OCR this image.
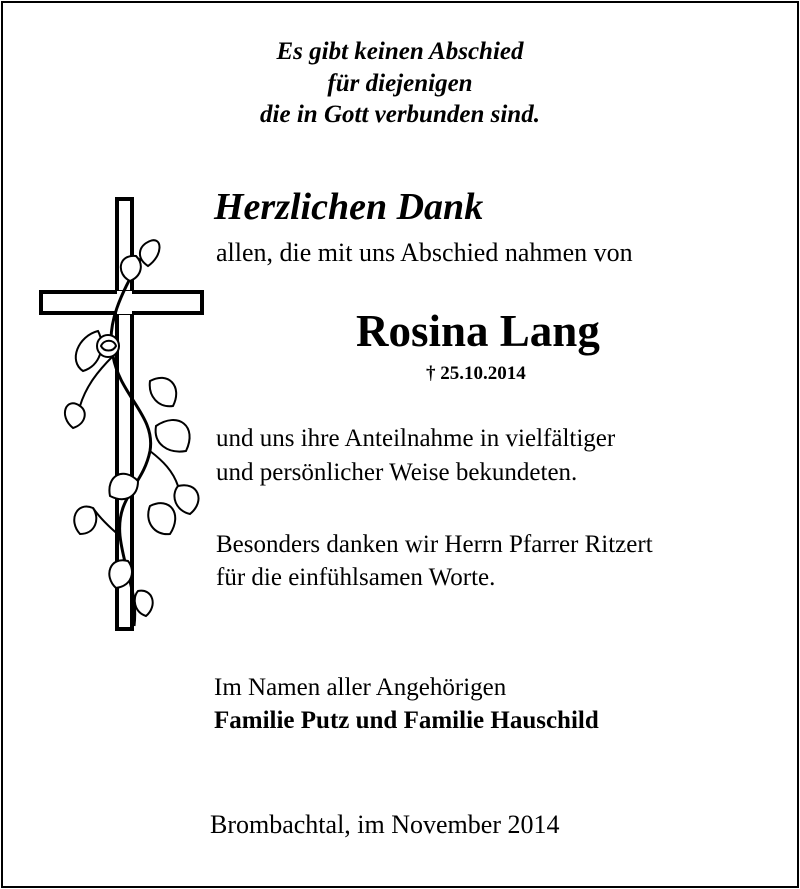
Es gibt keinen Abschied
für diejenigen
die in Gott verbunden sind.
Herzlichen Dank
allen, die mit uns Abschied nahmen von
Rosina Lang
† 25.10.2014
und uns ihre Anteilnahme in vielfältiger
und persönlicher Weise bekundeten.
Besonders danken wir Herrn Pfarrer Ritzert
für die einfühlsamen Worte.
Im Namen aller Angehörigen
Familie Putz und Familie Hauschild
Brombachtal, im November 2014
